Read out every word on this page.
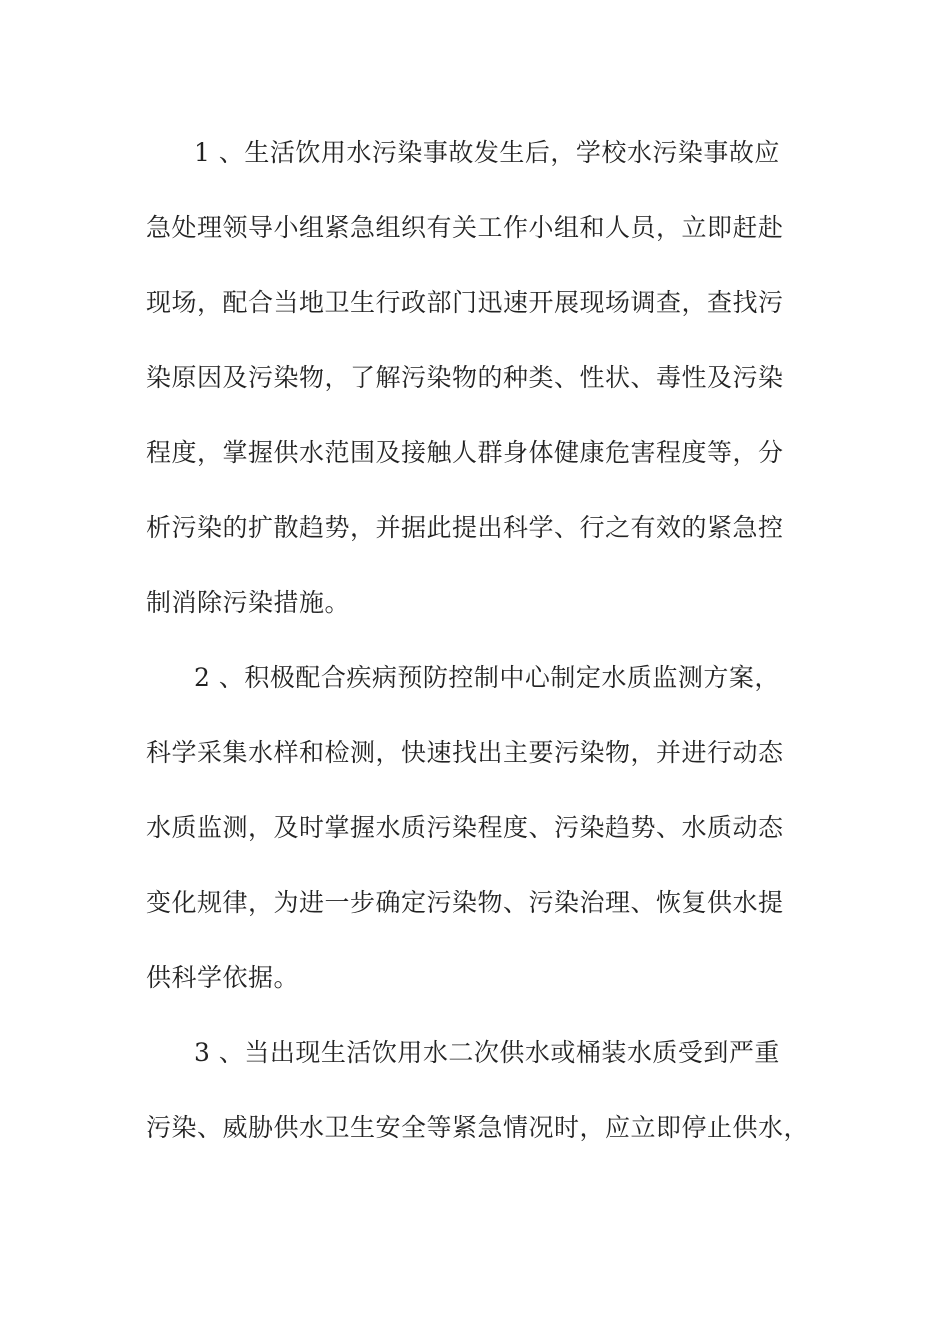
1 、生活饮用水污染事故发生后，学校水污染事故应
急处理领导小组紧急组织有关工作小组和人员，立即赶赴
现场，配合当地卫生行政部门迅速开展现场调查，查找污
染原因及污染物，了解污染物的种类、性状、毒性及污染
程度，掌握供水范围及接触人群身体健康危害程度等，分
析污染的扩散趋势，并据此提出科学、行之有效的紧急控
制消除污染措施。
2 、积极配合疾病预防控制中心制定水质监测方案，
科学采集水样和检测，快速找出主要污染物，并进行动态
水质监测，及时掌握水质污染程度、污染趋势、水质动态
变化规律，为进一步确定污染物、污染治理、恢复供水提
供科学依据。
3 、当出现生活饮用水二次供水或桶装水质受到严重
污染、威胁供水卫生安全等紧急情况时，应立即停止供水，
